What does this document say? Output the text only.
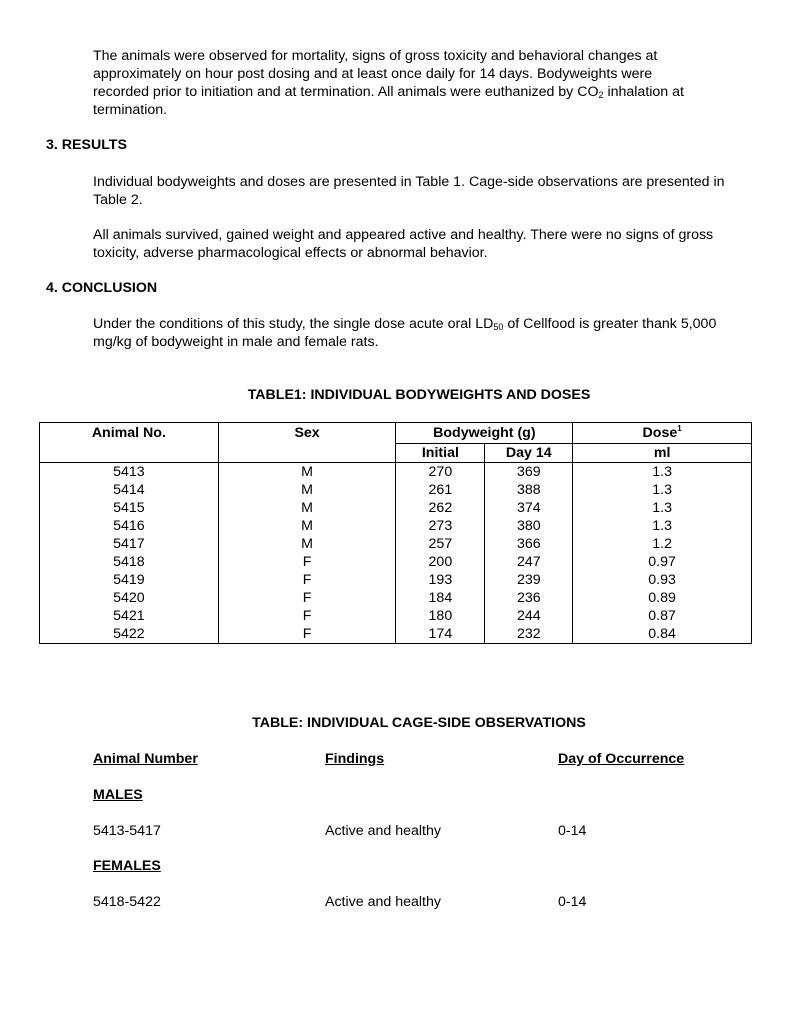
The animals were observed for mortality, signs of gross toxicity and behavioral changes at
approximately on hour post dosing and at least once daily for 14 days. Bodyweights were
recorded prior to initiation and at termination. All animals were euthanized by $CO_2$ inhalation at
termination.
3. RESULTS

Individual bodyweights and doses are presented in Table 1. Cage-side observations are presented in Table 2.

All animals survived, gained weight and appeared active and healthy. There were no signs of gross toxicity, adverse pharmacological effects or abnormal behavior.

4. CONCLUSION

Under the conditions of this study, the single dose acute oral $LD_{50}$ of Cellfood is greater thank 5,000 mg/kg of bodyweight in male and female rats.

TABLE1: INDIVIDUAL BODYWEIGHTS AND DOSES
Animal No.	Sex	Bodyweight (g)		Dose$^1$
		Initial	Day 14	ml
5413	M	270	369	1.3
5414	M	261	388	1.3
5415	M	262	374	1.3
5416	M	273	380	1.3
5417	M	257	366	1.2
5418	F	200	247	0.97
5419	F	193	239	0.93
5420	F	184	236	0.89
5421	F	180	244	0.87
5422	F	174	232	0.84
TABLE: INDIVIDUAL CAGE-SIDE OBSERVATIONS
Animal Number	Findings	Day of Occurrence
MALES
5413-5417	Active and healthy	0-14
FEMALES
5418-5422	Active and healthy	0-14
